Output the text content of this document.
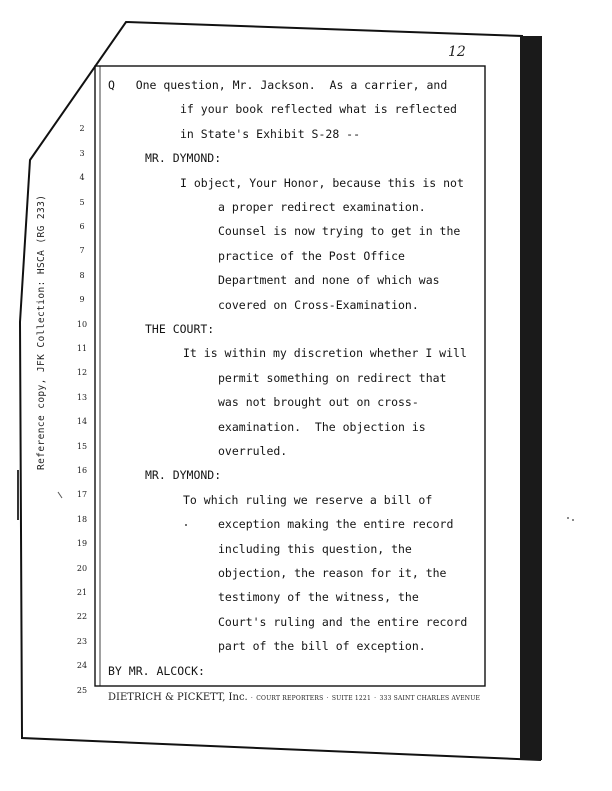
12
Reference copy, JFK Collection: HSCA (RG 233)
Q   One question, Mr. Jackson.  As a carrier, and
2
if your book reflected what is reflected
3
in State's Exhibit S-28 --
4
MR. DYMOND:
5
I object, Your Honor, because this is not
6
a proper redirect examination.
7
Counsel is now trying to get in the
8
practice of the Post Office
9
Department and none of which was
10
covered on Cross-Examination.
11
THE COURT:
12
It is within my discretion whether I will
13
permit something on redirect that
14
was not brought out on cross-
15
examination.  The objection is
16
overruled.
17
MR. DYMOND:
18
To which ruling we reserve a bill of
19
exception making the entire record
20
including this question, the
21
objection, the reason for it, the
22
testimony of the witness, the
23
Court's ruling and the entire record
24
part of the bill of exception.
25
BY MR. ALCOCK:
DIETRICH & PICKETT, Inc. · COURT REPORTERS · SUITE 1221 · 333 SAINT CHARLES AVENUE
